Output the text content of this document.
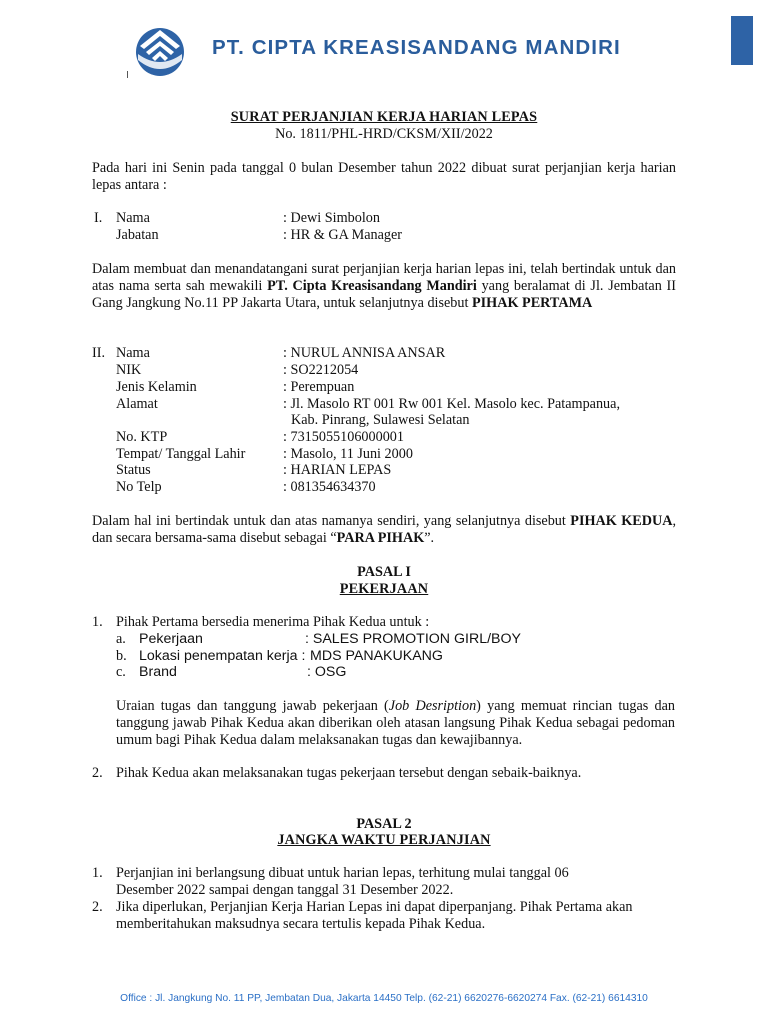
PT. CIPTA KREASISANDANG MANDIRI
SURAT PERJANJIAN KERJA HARIAN LEPAS
No. 1811/PHL-HRD/CKSM/XII/2022
Pada hari ini Senin pada tanggal 0 bulan Desember tahun 2022 dibuat surat perjanjian kerja harian lepas antara :
I. Nama	: Dewi Simbolon
Jabatan	: HR & GA Manager
Dalam membuat dan menandatangani surat perjanjian kerja harian lepas ini, telah bertindak untuk dan atas nama serta sah mewakili PT. Cipta Kreasisandang Mandiri yang beralamat di Jl. Jembatan II Gang Jangkung No.11 PP Jakarta Utara, untuk selanjutnya disebut PIHAK PERTAMA
II. Nama	: NURUL ANNISA ANSAR
NIK	: SO2212054
Jenis Kelamin	: Perempuan
Alamat	: Jl. Masolo RT 001 Rw 001 Kel. Masolo kec. Patampanua,
Kab. Pinrang, Sulawesi Selatan
No. KTP	: 7315055106000001
Tempat/ Tanggal Lahir	: Masolo, 11 Juni 2000
Status	: HARIAN LEPAS
No Telp	: 081354634370
Dalam hal ini bertindak untuk dan atas namanya sendiri, yang selanjutnya disebut PIHAK KEDUA, dan secara bersama-sama disebut sebagai “PARA PIHAK”.
PASAL I
PEKERJAAN
1. Pihak Pertama bersedia menerima Pihak Kedua untuk :
a. Pekerjaan	: SALES PROMOTION GIRL/BOY
b. Lokasi penempatan kerja : MDS PANAKUKANG
c. Brand	: OSG
Uraian tugas dan tanggung jawab pekerjaan (Job Desription) yang memuat rincian tugas dan tanggung jawab Pihak Kedua akan diberikan oleh atasan langsung Pihak Kedua sebagai pedoman umum bagi Pihak Kedua dalam melaksanakan tugas dan kewajibannya.
2. Pihak Kedua akan melaksanakan tugas pekerjaan tersebut dengan sebaik-baiknya.
PASAL 2
JANGKA WAKTU PERJANJIAN
1. Perjanjian ini berlangsung dibuat untuk harian lepas, terhitung mulai tanggal 06 Desember 2022 sampai dengan tanggal 31 Desember 2022.
2. Jika diperlukan, Perjanjian Kerja Harian Lepas ini dapat diperpanjang. Pihak Pertama akan memberitahukan maksudnya secara tertulis kepada Pihak Kedua.
Office : Jl. Jangkung No. 11 PP, Jembatan Dua, Jakarta 14450 Telp. (62-21) 6620276-6620274 Fax. (62-21) 6614310
